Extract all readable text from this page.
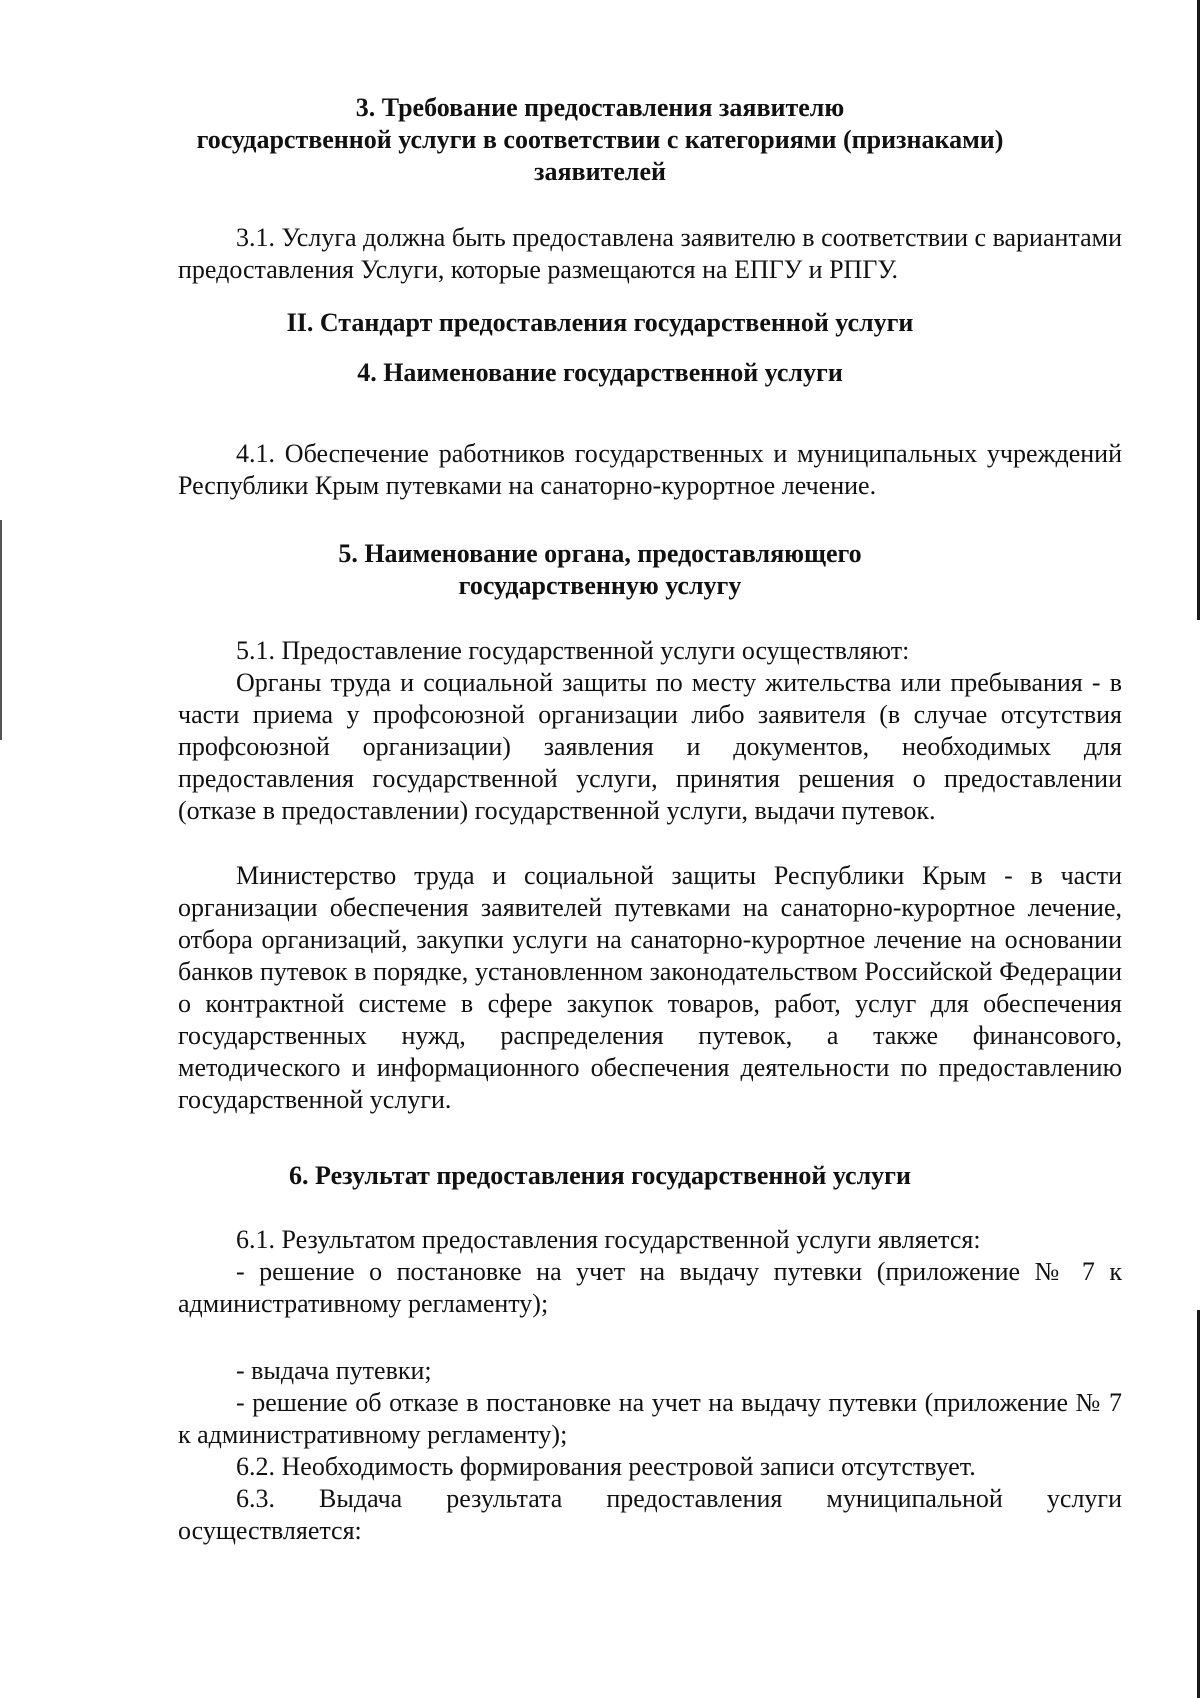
3. Требование предоставления заявителю
государственной услуги в соответствии с категориями (признаками)
заявителей

3.1. Услуга должна быть предоставлена заявителю в соответствии с вариантами предоставления Услуги, которые размещаются на ЕПГУ и РПГУ.

II. Стандарт предоставления государственной услуги
4. Наименование государственной услуги

4.1. Обеспечение работников государственных и муниципальных учреждений Республики Крым путевками на санаторно-курортное лечение.

5. Наименование органа, предоставляющего
государственную услугу

5.1. Предоставление государственной услуги осуществляют:

Органы труда и социальной защиты по месту жительства или пребывания - в части приема у профсоюзной организации либо заявителя (в случае отсутствия профсоюзной организации) заявления и документов, необходимых для предоставления государственной услуги, принятия решения о предоставлении (отказе в предоставлении) государственной услуги, выдачи путевок.

Министерство труда и социальной защиты Республики Крым - в части организации обеспечения заявителей путевками на санаторно-курортное лечение, отбора организаций, закупки услуги на санаторно-курортное лечение на основании банков путевок в порядке, установленном законодательством Российской Федерации о контрактной системе в сфере закупок товаров, работ, услуг для обеспечения государственных нужд, распределения путевок, а также финансового, методического и информационного обеспечения деятельности по предоставлению государственной услуги.

6. Результат предоставления государственной услуги

6.1. Результатом предоставления государственной услуги является:

- решение о постановке на учет на выдачу путевки (приложение № 7 к административному регламенту);

- выдача путевки;

- решение об отказе в постановке на учет на выдачу путевки (приложение № 7 к административному регламенту);

6.2. Необходимость формирования реестровой записи отсутствует.

6.3. Выдача результата предоставления муниципальной услуги осуществляется:
